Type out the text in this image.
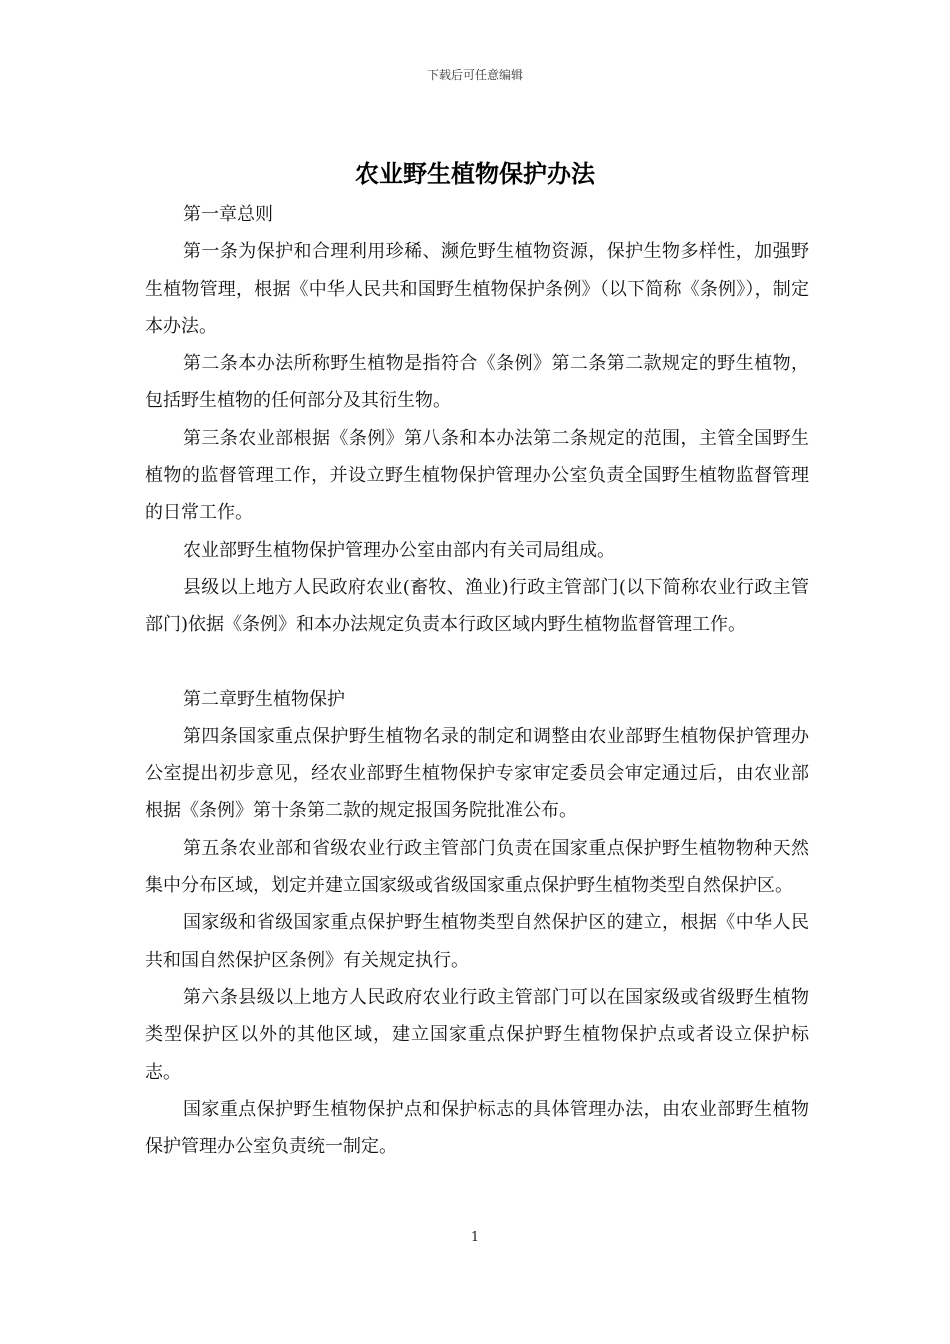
下载后可任意编辑
农业野生植物保护办法

第一章总则

第一条为保护和合理利用珍稀、濒危野生植物资源，保护生物多样性，加强野生植物管理，根据《中华人民共和国野生植物保护条例》（以下简称《条例》），制定本办法。

第二条本办法所称野生植物是指符合《条例》第二条第二款规定的野生植物，包括野生植物的任何部分及其衍生物。

第三条农业部根据《条例》第八条和本办法第二条规定的范围，主管全国野生植物的监督管理工作，并设立野生植物保护管理办公室负责全国野生植物监督管理的日常工作。

农业部野生植物保护管理办公室由部内有关司局组成。

县级以上地方人民政府农业(畜牧、渔业)行政主管部门(以下简称农业行政主管部门)依据《条例》和本办法规定负责本行政区域内野生植物监督管理工作。

第二章野生植物保护

第四条国家重点保护野生植物名录的制定和调整由农业部野生植物保护管理办公室提出初步意见，经农业部野生植物保护专家审定委员会审定通过后，由农业部根据《条例》第十条第二款的规定报国务院批准公布。

第五条农业部和省级农业行政主管部门负责在国家重点保护野生植物物种天然集中分布区域，划定并建立国家级或省级国家重点保护野生植物类型自然保护区。

国家级和省级国家重点保护野生植物类型自然保护区的建立，根据《中华人民共和国自然保护区条例》有关规定执行。

第六条县级以上地方人民政府农业行政主管部门可以在国家级或省级野生植物类型保护区以外的其他区域，建立国家重点保护野生植物保护点或者设立保护标志。

国家重点保护野生植物保护点和保护标志的具体管理办法，由农业部野生植物保护管理办公室负责统一制定。

1
